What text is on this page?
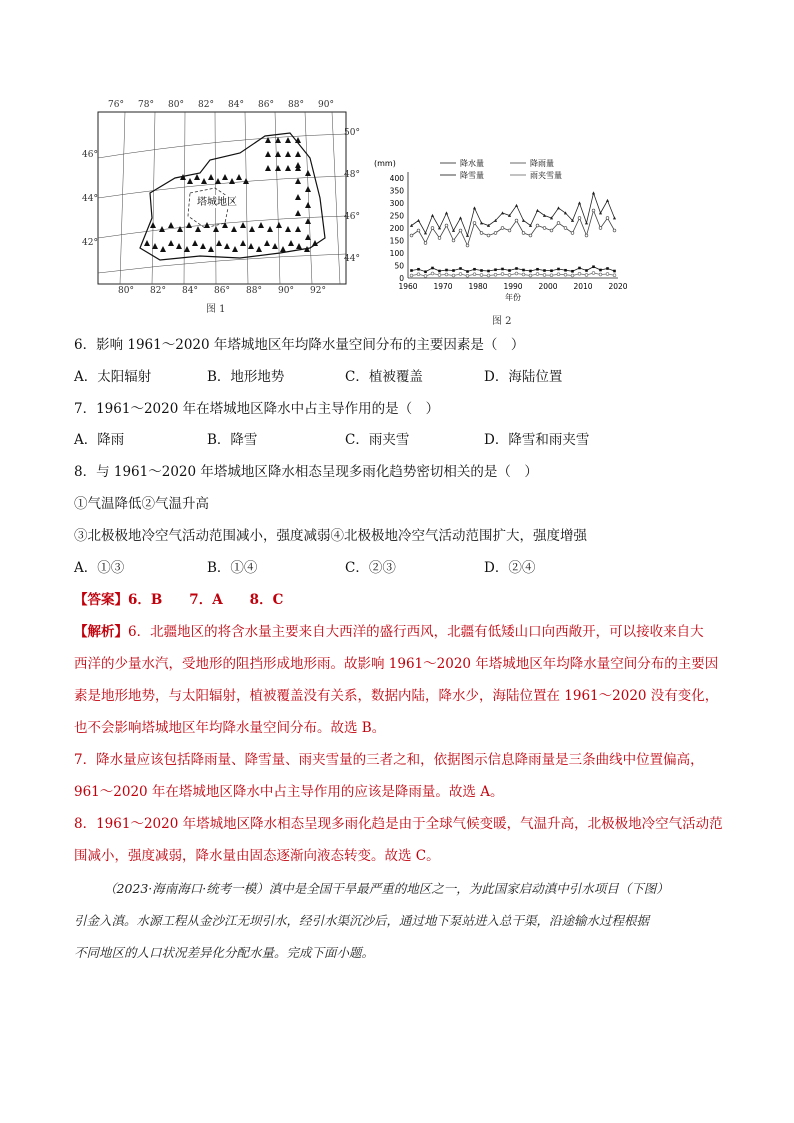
塔城地区
76° 78° 80° 82° 84° 86° 88° 90°
80° 82° 84° 86° 88° 90° 92°
46°
44°
42°
50°
48°
46°
44°
图 1
(mm)
400
350
300
250
200
150
100
50
0
1960 1970 1980 1990 2000 2010 2020
年份
降水量	降雨量
降雪量	雨夹雪量
图 2
6．影响 1961～2020 年塔城地区年均降水量空间分布的主要因素是（　）
A．太阳辐射	B．地形地势	C．植被覆盖	D．海陆位置
7．1961～2020 年在塔城地区降水中占主导作用的是（　）
A．降雨	B．降雪	C．雨夹雪	D．降雪和雨夹雪
8．与 1961～2020 年塔城地区降水相态呈现多雨化趋势密切相关的是（　）
①气温降低②气温升高
③北极极地冷空气活动范围减小，强度减弱④北极极地冷空气活动范围扩大，强度增强
A．①③	B．①④	C．②③	D．②④
【答案】6．B　　7．A　　8．C
【解析】6．北疆地区的将含水量主要来自大西洋的盛行西风，北疆有低矮山口向西敞开，可以接收来自大
西洋的少量水汽，受地形的阻挡形成地形雨。故影响 1961～2020 年塔城地区年均降水量空间分布的主要因
素是地形地势，与太阳辐射，植被覆盖没有关系，数据内陆，降水少，海陆位置在 1961～2020 没有变化，
也不会影响塔城地区年均降水量空间分布。故选 B。
7．降水量应该包括降雨量、降雪量、雨夹雪量的三者之和，依据图示信息降雨量是三条曲线中位置偏高，
961～2020 年在塔城地区降水中占主导作用的应该是降雨量。故选 A。
8．1961～2020 年塔城地区降水相态呈现多雨化趋是由于全球气候变暖，气温升高，北极极地冷空气活动范
围减小，强度减弱，降水量由固态逐渐向液态转变。故选 C。
（2023·海南海口·统考一模）滇中是全国干旱最严重的地区之一，为此国家启动滇中引水项目（下图）
引金入滇。水源工程从金沙江无坝引水，经引水渠沉沙后，通过地下泵站进入总干渠，沿途输水过程根据
不同地区的人口状况差异化分配水量。完成下面小题。
